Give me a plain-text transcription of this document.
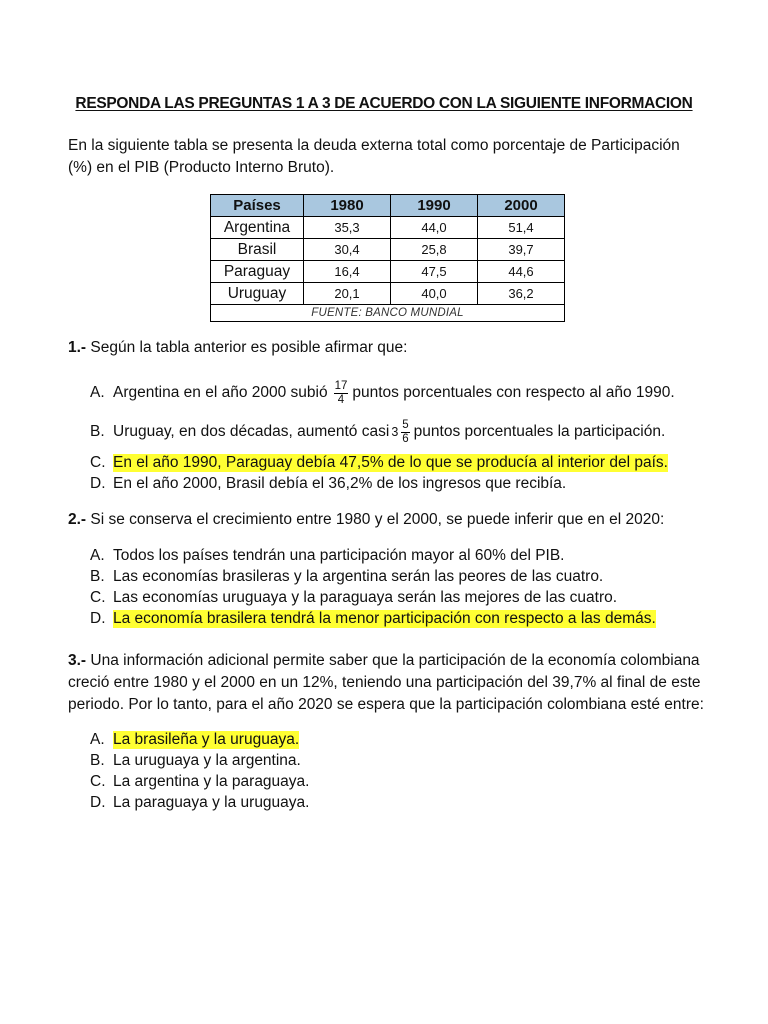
RESPONDA LAS PREGUNTAS 1 A 3 DE ACUERDO CON LA SIGUIENTE INFORMACION
En la siguiente tabla se presenta la deuda externa total como porcentaje de Participación (%) en el PIB (Producto Interno Bruto).
Países	1980	1990	2000
Argentina	35,3	44,0	51,4
Brasil	30,4	25,8	39,7
Paraguay	16,4	47,5	44,6
Uruguay	20,1	40,0	36,2
FUENTE: BANCO MUNDIAL			
1.- Según la tabla anterior es posible afirmar que:
A. Argentina en el año 2000 subió $\frac{17}{4}$ puntos porcentuales con respecto al año 1990.
B. Uruguay, en dos décadas, aumentó casi $3 \frac{5}{6}$ puntos porcentuales la participación.
C. En el año 1990, Paraguay debía 47,5% de lo que se producía al interior del país.
D. En el año 2000, Brasil debía el 36,2% de los ingresos que recibía.
2.- Si se conserva el crecimiento entre 1980 y el 2000, se puede inferir que en el 2020:
A. Todos los países tendrán una participación mayor al 60% del PIB.
B. Las economías brasileras y la argentina serán las peores de las cuatro.
C. Las economías uruguaya y la paraguaya serán las mejores de las cuatro.
D. La economía brasilera tendrá la menor participación con respecto a las demás.
3.- Una información adicional permite saber que la participación de la economía colombiana creció entre 1980 y el 2000 en un 12%, teniendo una participación del 39,7% al final de este periodo. Por lo tanto, para el año 2020 se espera que la participación colombiana esté entre:
A. La brasileña y la uruguaya.
B. La uruguaya y la argentina.
C. La argentina y la paraguaya.
D. La paraguaya y la uruguaya.
